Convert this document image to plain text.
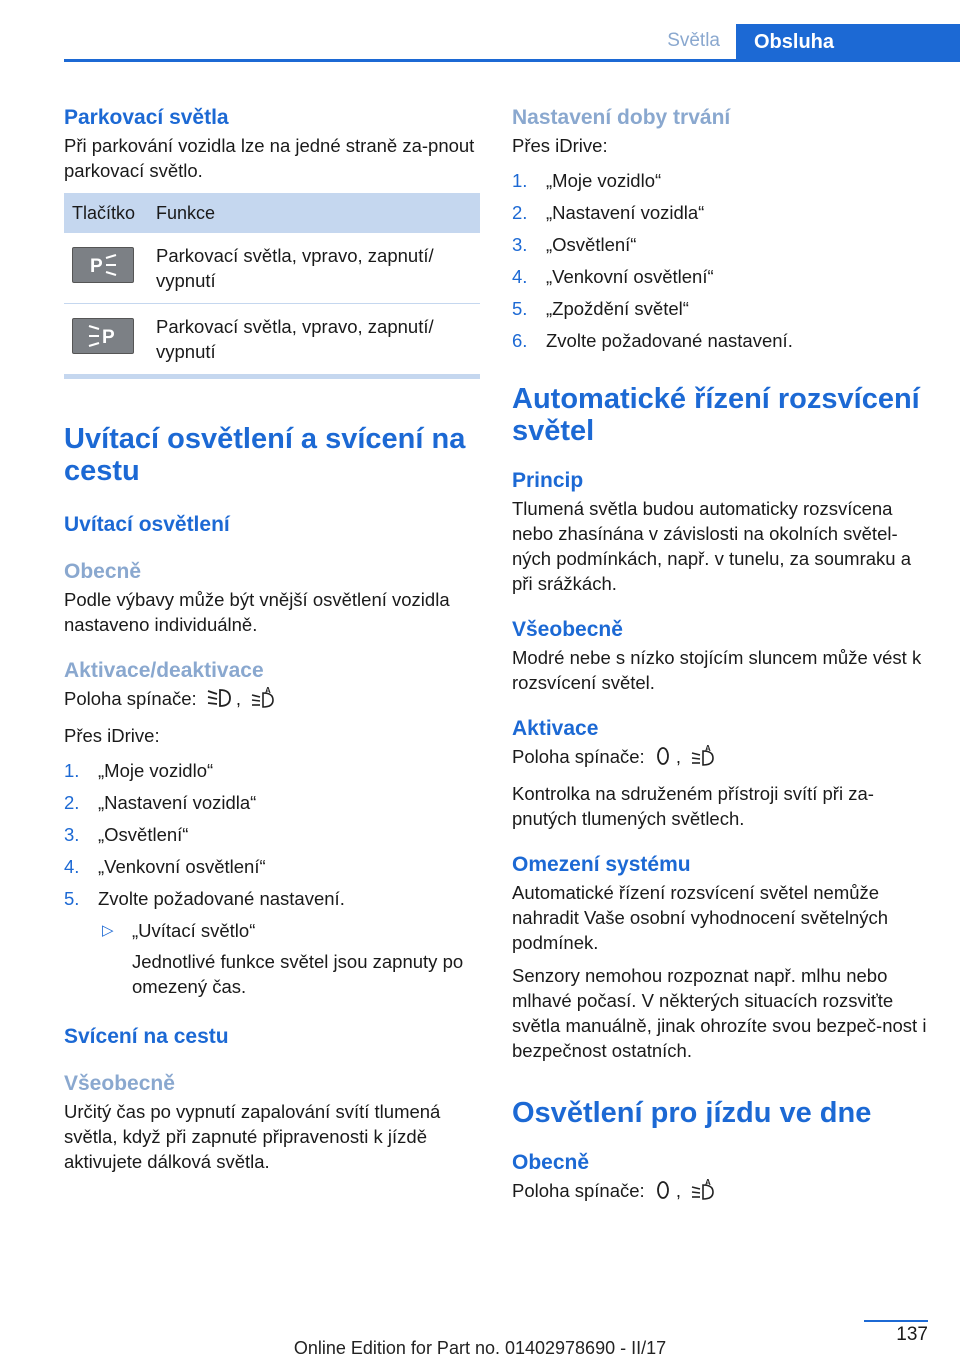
Světla	Obsluha
Parkovací světla

Při parkování vozidla lze na jedné straně za-pnout parkovací světlo.

Tlačítko	Funkce

P	Parkovací světla, vpravo, zapnutí/ vypnutí

P	Parkovací světla, vpravo, zapnutí/ vypnutí
Uvítací osvětlení a svícení na cestu
Uvítací osvětlení
Obecně

Podle výbavy může být vnější osvětlení vozidla nastaveno individuálně.

Aktivace/deaktivace

Poloha spínače: ,	A

Přes iDrive:

1. „Moje vozidlo“
2. „Nastavení vozidla“
3. „Osvětlení“
4. „Venkovní osvětlení“
5. Zvolte požadované nastavení.
▷ „Uvítací světlo“
Jednotlivé funkce světel jsou zapnuty po omezený čas.
Svícení na cestu
Všeobecně

Určitý čas po vypnutí zapalování svítí tlumená světla, když při zapnuté připravenosti k jízdě aktivujete dálková světla.

Nastavení doby trvání

Přes iDrive:

1. „Moje vozidlo“
2. „Nastavení vozidla“
3. „Osvětlení“
4. „Venkovní osvětlení“
5. „Zpoždění světel“
6. Zvolte požadované nastavení.
Automatické řízení rozsvícení světel
Princip

Tlumená světla budou automaticky rozsvícena nebo zhasínána v závislosti na okolních světel-ných podmínkách, např. v tunelu, za soumraku a při srážkách.

Všeobecně

Modré nebe s nízko stojícím sluncem může vést k rozsvícení světel.

Aktivace

Poloha spínače: ,	A

Kontrolka na sdruženém přístroji svítí při za-pnutých tlumených světlech.

Omezení systému

Automatické řízení rozsvícení světel nemůže nahradit Vaše osobní vyhodnocení světelných podmínek.

Senzory nemohou rozpoznat např. mlhu nebo mlhavé počasí. V některých situacích rozsviťte světla manuálně, jinak ohrozíte svou bezpeč-nost i bezpečnost ostatních.

Osvětlení pro jízdu ve dne
Obecně

Poloha spínače: ,	A

137
Online Edition for Part no. 01402978690 - II/17
